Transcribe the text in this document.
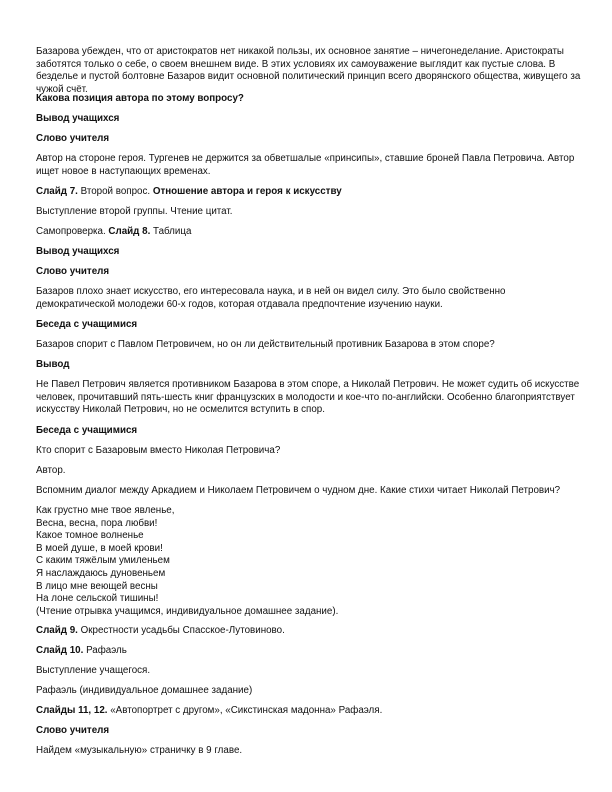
Базарова убежден, что от аристократов нет никакой пользы, их основное занятие – ничегонеделание. Аристократы заботятся только о себе, о своем внешнем виде. В этих условиях их самоуважение выглядит как пустые слова. В безделье и пустой болтовне Базаров видит основной политический принцип всего дворянского общества, живущего за чужой счёт.

Какова позиция автора по этому вопросу?

Вывод учащихся

Слово учителя

Автор на стороне героя. Тургенев не держится за обветшалые «принсипы», ставшие броней Павла Петровича. Автор ищет новое в наступающих временах.

Слайд 7. Второй вопрос. Отношение автора и героя к искусству

Выступление второй группы. Чтение цитат.

Самопроверка. Слайд 8. Таблица

Вывод учащихся

Слово учителя

Базаров плохо знает искусство, его интересовала наука, и в ней он видел силу. Это было свойственно демократической молодежи 60-х годов, которая отдавала предпочтение изучению науки.

Беседа с учащимися

Базаров спорит с Павлом Петровичем, но он ли действительный противник Базарова в этом споре?

Вывод

Не Павел Петрович является противником Базарова в этом споре, а Николай Петрович. Не может судить об искусстве человек, прочитавший пять-шесть книг французских в молодости и кое-что по-английски. Особенно благоприятствует искусству Николай Петрович, но не осмелится вступить в спор.

Беседа с учащимися

Кто спорит с Базаровым вместо Николая Петровича?

Автор.

Вспомним диалог между Аркадием и Николаем Петровичем о чудном дне. Какие стихи читает Николай Петрович?

Как грустно мне твое явленье,
Весна, весна, пора любви!
Какое томное волненье
В моей душе, в моей крови!
С каким тяжёлым умиленьем
Я наслаждаюсь дуновеньем
В лицо мне веющей весны
На лоне сельской тишины!
(Чтение отрывка учащимся, индивидуальное домашнее задание).

Слайд 9. Окрестности усадьбы Спасское-Лутовиново.

Слайд 10. Рафаэль

Выступление учащегося.

Рафаэль (индивидуальное домашнее задание)

Слайды 11, 12. «Автопортрет с другом», «Сикстинская мадонна» Рафаэля.

Слово учителя

Найдем «музыкальную» страничку в 9 главе.
